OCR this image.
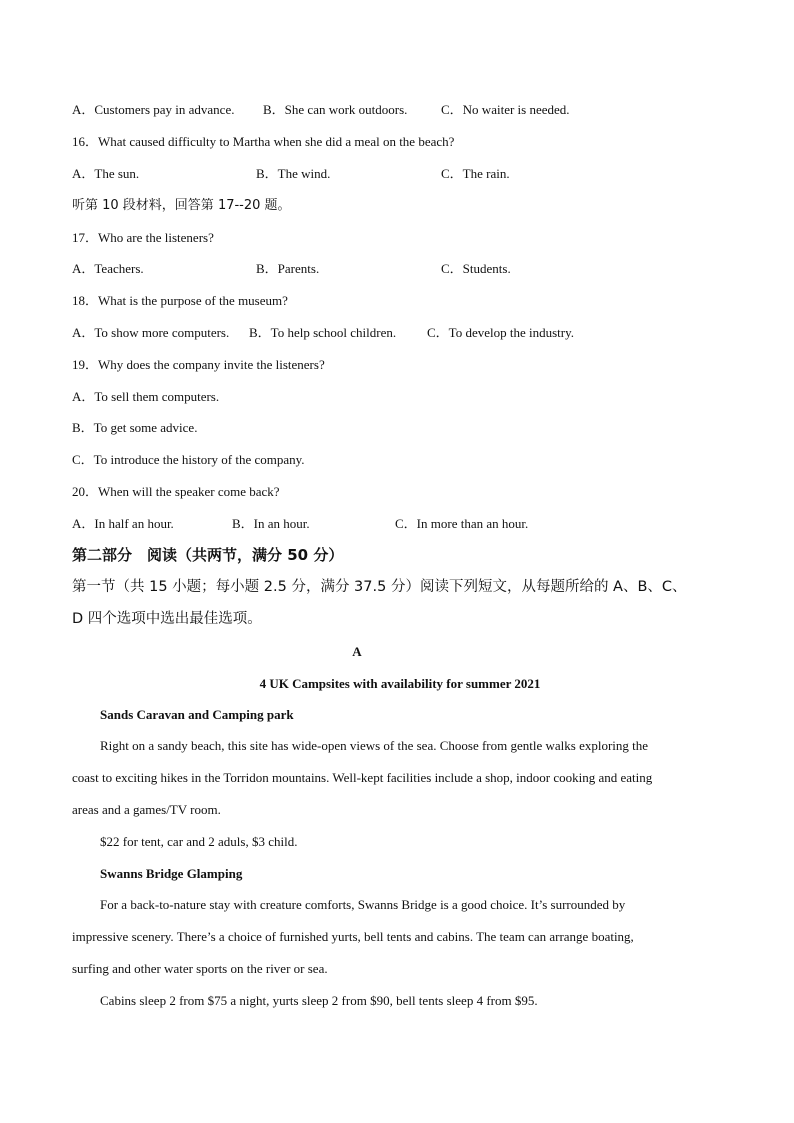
A．Customers pay in advance. B．She can work outdoors.	C．No waiter is needed.
16．What caused difficulty to Martha when she did a meal on the beach?
A．The sun.	B．The wind.	C．The rain.
听第 10 段材料，回答第 17--20 题。
17．Who are the listeners?
A．Teachers.	B．Parents.	C．Students.
18．What is the purpose of the museum?
A．To show more computers. B．To help school children. C．To develop the industry.
19．Why does the company invite the listeners?
A．To sell them computers.
B．To get some advice.
C．To introduce the history of the company.
20．When will the speaker come back?
A．In half an hour.	B．In an hour.	C．In more than an hour.
第二部分　阅读（共两节，满分 50 分）
第一节（共 15 小题；每小题 2.5 分，满分 37.5 分）阅读下列短文，从每题所给的 A、B、C、
D 四个选项中选出最佳选项。
A
4 UK Campsites with availability for summer 2021
Sands Caravan and Camping park
Right on a sandy beach, this site has wide-open views of the sea. Choose from gentle walks exploring the
coast to exciting hikes in the Torridon mountains. Well-kept facilities include a shop, indoor cooking and eating
areas and a games/TV room.
$22 for tent, car and 2 aduls, $3 child.
Swanns Bridge Glamping
For a back-to-nature stay with creature comforts, Swanns Bridge is a good choice. It’s surrounded by
impressive scenery. There’s a choice of furnished yurts, bell tents and cabins. The team can arrange boating,
surfing and other water sports on the river or sea.
Cabins sleep 2 from $75 a night, yurts sleep 2 from $90, bell tents sleep 4 from $95.
